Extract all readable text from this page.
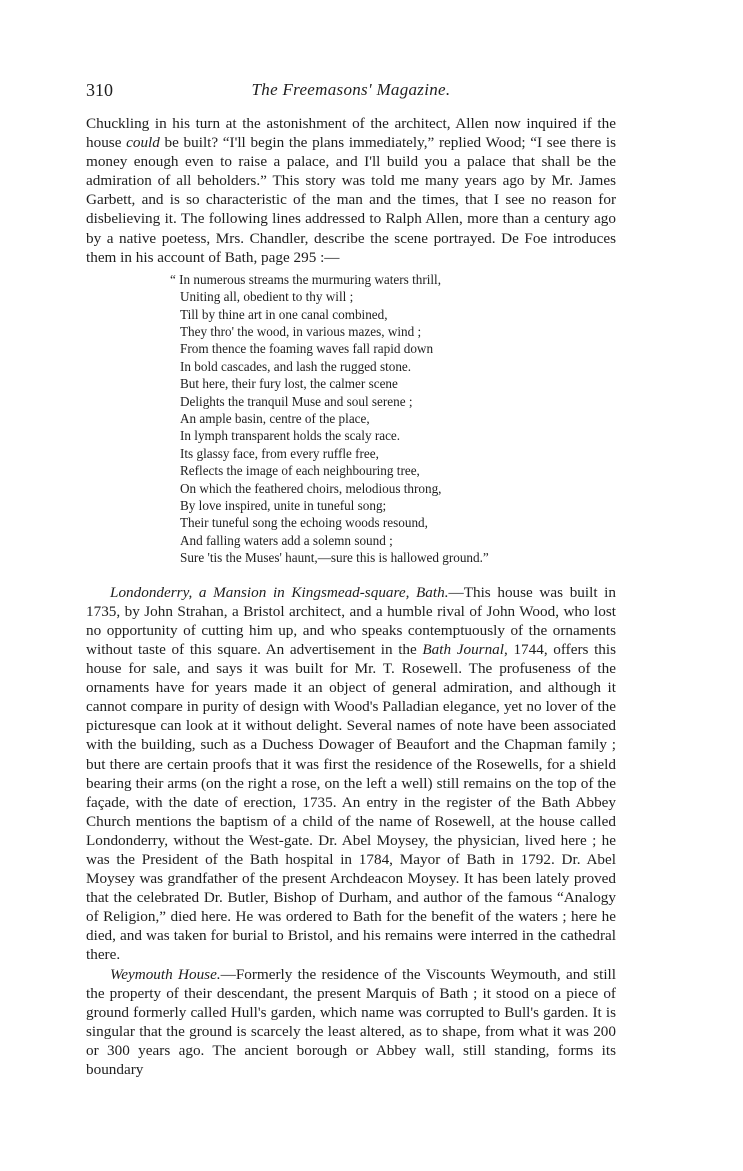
310	The Freemasons' Magazine.

Chuckling in his turn at the astonishment of the architect, Allen now inquired if the house could be built? “I'll begin the plans immediately,” replied Wood; “I see there is money enough even to raise a palace, and I'll build you a palace that shall be the admiration of all beholders.” This story was told me many years ago by Mr. James Garbett, and is so characteristic of the man and the times, that I see no reason for disbelieving it. The following lines addressed to Ralph Allen, more than a century ago by a native poetess, Mrs. Chandler, describe the scene portrayed. De Foe introduces them in his account of Bath, page 295 :—

“ In numerous streams the murmuring waters thrill,
Uniting all, obedient to thy will ;
Till by thine art in one canal combined,
They thro' the wood, in various mazes, wind ;
From thence the foaming waves fall rapid down
In bold cascades, and lash the rugged stone.
But here, their fury lost, the calmer scene
Delights the tranquil Muse and soul serene ;
An ample basin, centre of the place,
In lymph transparent holds the scaly race.
Its glassy face, from every ruffle free,
Reflects the image of each neighbouring tree,
On which the feathered choirs, melodious throng,
By love inspired, unite in tuneful song;
Their tuneful song the echoing woods resound,
And falling waters add a solemn sound ;
Sure 'tis the Muses' haunt,—sure this is hallowed ground.”

Londonderry, a Mansion in Kingsmead-square, Bath.—This house was built in 1735, by John Strahan, a Bristol architect, and a humble rival of John Wood, who lost no opportunity of cutting him up, and who speaks contemptuously of the ornaments without taste of this square. An advertisement in the Bath Journal, 1744, offers this house for sale, and says it was built for Mr. T. Rosewell. The profuseness of the ornaments have for years made it an object of general admiration, and although it cannot compare in purity of design with Wood's Palladian elegance, yet no lover of the picturesque can look at it without delight. Several names of note have been associated with the building, such as a Duchess Dowager of Beaufort and the Chapman family ; but there are certain proofs that it was first the residence of the Rosewells, for a shield bearing their arms (on the right a rose, on the left a well) still remains on the top of the façade, with the date of erection, 1735. An entry in the register of the Bath Abbey Church mentions the baptism of a child of the name of Rosewell, at the house called Londonderry, without the West-gate. Dr. Abel Moysey, the physician, lived here ; he was the President of the Bath hospital in 1784, Mayor of Bath in 1792. Dr. Abel Moysey was grandfather of the present Archdeacon Moysey. It has been lately proved that the celebrated Dr. Butler, Bishop of Durham, and author of the famous “Analogy of Religion,” died here. He was ordered to Bath for the benefit of the waters ; here he died, and was taken for burial to Bristol, and his remains were interred in the cathedral there.

Weymouth House.—Formerly the residence of the Viscounts Weymouth, and still the property of their descendant, the present Marquis of Bath ; it stood on a piece of ground formerly called Hull's garden, which name was corrupted to Bull's garden. It is singular that the ground is scarcely the least altered, as to shape, from what it was 200 or 300 years ago. The ancient borough or Abbey wall, still standing, forms its boundary
